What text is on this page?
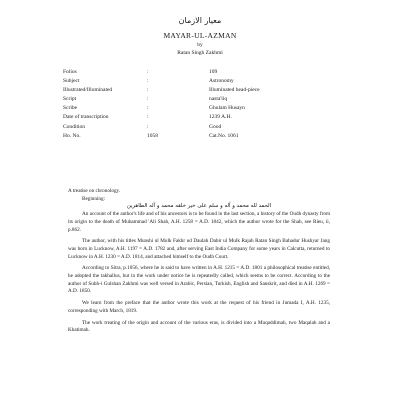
معیار الازمان
MAYAR-UL-AZMAN
by
Ratan Singh Zakhmi
Folios	:	109
Subject	:	Astronomy
Illustrated/Illuminated	:	Illuminated head-piece
Script	:	nasta'liq
Scribe	:	Ghulam Husayn
Date of transcription	:	1239 A.H.
Condition	:	Good
Ho. No.	1058	Cat.No. 1061

A treatise on chronology.

Beginning:

الحمد لله محمد و آله و سلم على خير خلقه محمد و آله الطاهرين

An account of the author's life and of his ancestors is to be found in the last section, a history of the Oudh dynasty from its origin to the death of Muhammad 'Ali Shah, A.H. 1258 = A.D. 1842, which the author wrote for the Shah, see Rieu, ii, p.862.

The author, with his titles Munshi ul Mulk Fakhr ud Daulah Dabir ul Mulk Rajah Ratan Singh Bahadur Hushyar Jang was born in Lucknow, A.H. 1197 = A.D. 1782 and, after serving East India Company for some years in Calcutta, returned to Lucknow in A.H. 1230 = A.D. 1814, and attached himself to the Oudh Court.

According to Sitra, p.1056, where he is said to have written in A.H. 1215 = A.D. 1801 a philosophical treatise entitled, he adopted the takhallus, but in the work under notice he is repeatedly called, which seems to be correct. According to the author of Subh-i Gulshan Zakhmi was well versed in Arabic, Persian, Turkish, English and Sanskrit, and died in A.H. 1269 = A.D. 1850.

We learn from the preface that the author wrote this work at the request of his friend in Jumada I, A.H. 1235, corresponding with March, 1819.

The work treating of the origin and account of the various eras, is divided into a Muqaddimah, two Maqalah and a Khatimah.
